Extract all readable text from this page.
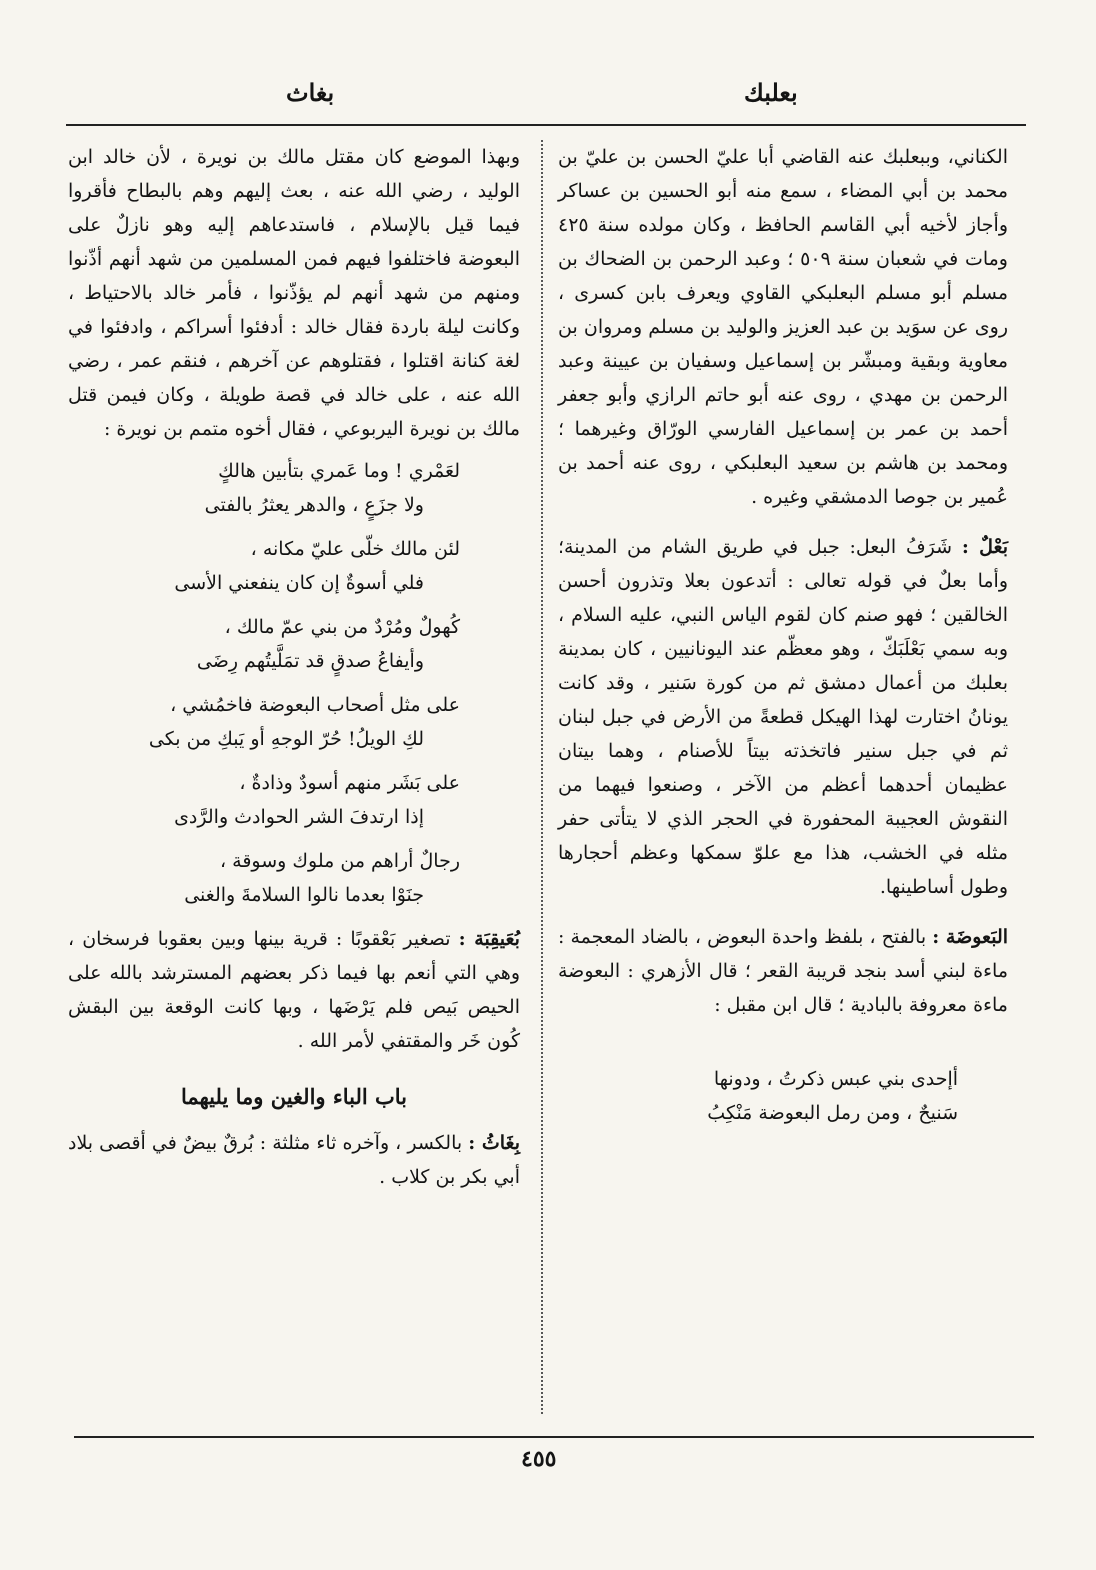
بعلبك
بغاث

الكناني، وببعلبك عنه القاضي أبا عليّ الحسن بن عليّ بن محمد بن أبي المضاء ، سمع منه أبو الحسين بن عساكر وأجاز لأخيه أبي القاسم الحافظ ، وكان مولده سنة ٤٢٥ ومات في شعبان سنة ٥٠٩ ؛ وعبد الرحمن بن الضحاك بن مسلم أبو مسلم البعلبكي القاوي ويعرف بابن كسرى ، روى عن سوَيد بن عبد العزيز والوليد بن مسلم ومروان بن معاوية وبقية ومبشّر بن إسماعيل وسفيان بن عيينة وعبد الرحمن بن مهدي ، روى عنه أبو حاتم الرازي وأبو جعفر أحمد بن عمر بن إسماعيل الفارسي الورّاق وغيرهما ؛ ومحمد بن هاشم بن سعيد البعلبكي ، روى عنه أحمد بن عُمير بن جوصا الدمشقي وغيره .

بَعْلٌ : شَرَفُ البعل: جبل في طريق الشام من المدينة؛ وأما بعلٌ في قوله تعالى : أتدعون بعلا وتذرون أحسن الخالقين ؛ فهو صنم كان لقوم الياس النبي، عليه السلام ، وبه سمي بَعْلَبَكّ ، وهو معظّم عند اليونانيين ، كان بمدينة بعلبك من أعمال دمشق ثم من كورة سَنير ، وقد كانت يونانُ اختارت لهذا الهيكل قطعةً من الأرض في جبل لبنان ثم في جبل سنير فاتخذته بيتاً للأصنام ، وهما بيتان عظيمان أحدهما أعظم من الآخر ، وصنعوا فيهما من النقوش العجيبة المحفورة في الحجر الذي لا يتأتى حفر مثله في الخشب، هذا مع علوّ سمكها وعظم أحجارها وطول أساطينها.

البَعوضَة : بالفتح ، بلفظ واحدة البعوض ، بالضاد المعجمة : ماءة لبني أسد بنجد قريبة القعر ؛ قال الأزهري : البعوضة ماءة معروفة بالبادية ؛ قال ابن مقبل :

أإحدى بني عبس ذكرتُ ، ودونها
سَنيحٌ ، ومن رمل البعوضة مَنْكِبُ

وبهذا الموضع كان مقتل مالك بن نويرة ، لأن خالد ابن الوليد ، رضي الله عنه ، بعث إليهم وهم بالبطاح فأقروا فيما قيل بالإسلام ، فاستدعاهم إليه وهو نازلٌ على البعوضة فاختلفوا فيهم فمن المسلمين من شهد أنهم أذّنوا ومنهم من شهد أنهم لم يؤذّنوا ، فأمر خالد بالاحتياط ، وكانت ليلة باردة فقال خالد : أدفئوا أسراكم ، وادفئوا في لغة كنانة اقتلوا ، فقتلوهم عن آخرهم ، فنقم عمر ، رضي الله عنه ، على خالد في قصة طويلة ، وكان فيمن قتل مالك بن نويرة اليربوعي ، فقال أخوه متمم بن نويرة :

لعَمْري ! وما عَمري بتأبين هالكٍ
ولا جزَعٍ ، والدهر يعثرُ بالفتى
لئن مالك خلّى عليّ مكانه ،
فلي أسوةٌ إن كان ينفعني الأسى
كُهولٌ ومُرْدٌ من بني عمّ مالك ،
وأيفاعُ صدقٍ قد تمَلَّيتُهم رِضَى
على مثل أصحاب البعوضة فاخمُشي ،
لكِ الويلُ! حُرّ الوجهِ أو يَبكِ من بكى
على بَشَر منهم أسودٌ وذادةٌ ،
إذا ارتدفَ الشر الحوادث والرَّدى
رجالٌ أراهم من ملوك وسوقة ،
جنَوْا بعدما نالوا السلامةَ والغنى

بُعَيقِبَة : تصغير بَعْقوبًا : قرية بينها وبين بعقوبا فرسخان ، وهي التي أنعم بها فيما ذكر بعضهم المسترشد بالله على الحيص بَيص فلم يَرْضَها ، وبها كانت الوقعة بين البقش كُون خَر والمقتفي لأمر الله .

باب الباء والغين وما يليهما

بِغَاثُ : بالكسر ، وآخره ثاء مثلثة : بُرقٌ بيضٌ في أقصى بلاد أبي بكر بن كلاب .

٤٥٥
